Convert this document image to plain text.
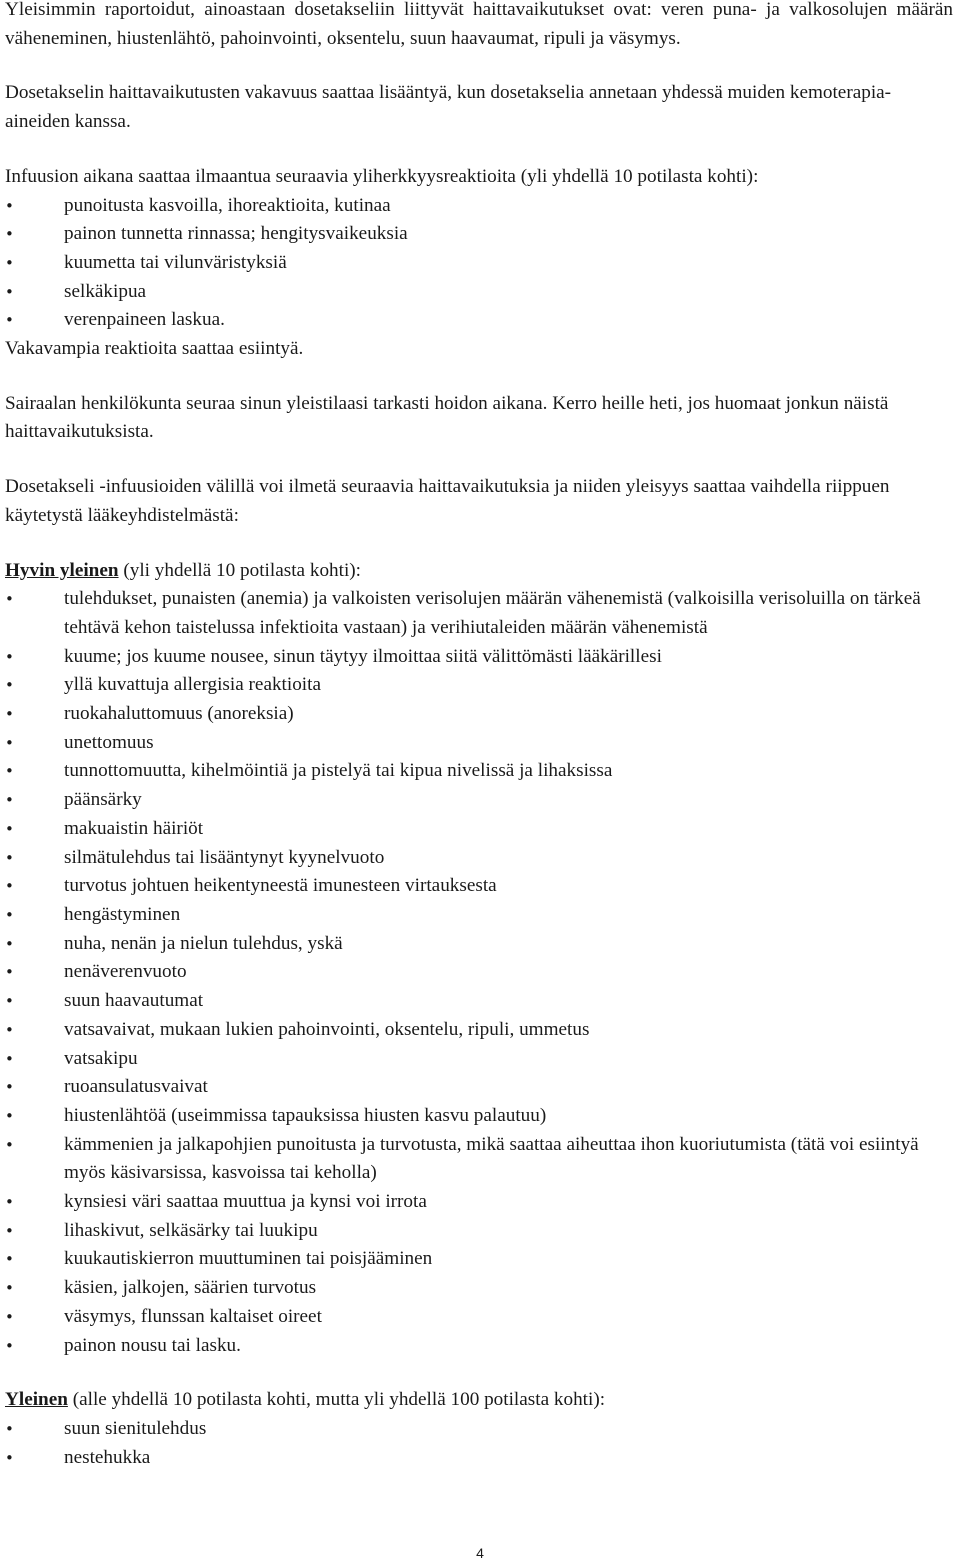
Yleisimmin raportoidut, ainoastaan dosetakseliin liittyvät haittavaikutukset ovat: veren puna- ja valkosolujen määrän väheneminen, hiustenlähtö, pahoinvointi, oksentelu, suun haavaumat, ripuli ja väsymys.

Dosetakselin haittavaikutusten vakavuus saattaa lisääntyä, kun dosetakselia annetaan yhdessä muiden kemoterapia-aineiden kanssa.

Infuusion aikana saattaa ilmaantua seuraavia yliherkkyysreaktioita (yli yhdellä 10 potilasta kohti):

•	punoitusta kasvoilla, ihoreaktioita, kutinaa
•	painon tunnetta rinnassa; hengitysvaikeuksia
•	kuumetta tai vilunväristyksiä
•	selkäkipua
•	verenpaineen laskua.

Vakavampia reaktioita saattaa esiintyä.

Sairaalan henkilökunta seuraa sinun yleistilaasi tarkasti hoidon aikana. Kerro heille heti, jos huomaat jonkun näistä haittavaikutuksista.

Dosetakseli -infuusioiden välillä voi ilmetä seuraavia haittavaikutuksia ja niiden yleisyys saattaa vaihdella riippuen käytetystä lääkeyhdistelmästä:

Hyvin yleinen (yli yhdellä 10 potilasta kohti):

•	tulehdukset, punaisten (anemia) ja valkoisten verisolujen määrän vähenemistä (valkoisilla verisoluilla on tärkeä tehtävä kehon taistelussa infektioita vastaan) ja verihiutaleiden määrän vähenemistä
•	kuume; jos kuume nousee, sinun täytyy ilmoittaa siitä välittömästi lääkärillesi
•	yllä kuvattuja allergisia reaktioita
•	ruokahaluttomuus (anoreksia)
•	unettomuus
•	tunnottomuutta, kihelmöintiä ja pistelyä tai kipua nivelissä ja lihaksissa
•	päänsärky
•	makuaistin häiriöt
•	silmätulehdus tai lisääntynyt kyynelvuoto
•	turvotus johtuen heikentyneestä imunesteen virtauksesta
•	hengästyminen
•	nuha, nenän ja nielun tulehdus, yskä
•	nenäverenvuoto
•	suun haavautumat
•	vatsavaivat, mukaan lukien pahoinvointi, oksentelu, ripuli, ummetus
•	vatsakipu
•	ruoansulatusvaivat
•	hiustenlähtöä (useimmissa tapauksissa hiusten kasvu palautuu)
•	kämmenien ja jalkapohjien punoitusta ja turvotusta, mikä saattaa aiheuttaa ihon kuoriutumista (tätä voi esiintyä myös käsivarsissa, kasvoissa tai keholla)
•	kynsiesi väri saattaa muuttua ja kynsi voi irrota
•	lihaskivut, selkäsärky tai luukipu
•	kuukautiskierron muuttuminen tai poisjääminen
•	käsien, jalkojen, säärien turvotus
•	väsymys, flunssan kaltaiset oireet
•	painon nousu tai lasku.

Yleinen (alle yhdellä 10 potilasta kohti, mutta yli yhdellä 100 potilasta kohti):

•	suun sienitulehdus
•	nestehukka
4
